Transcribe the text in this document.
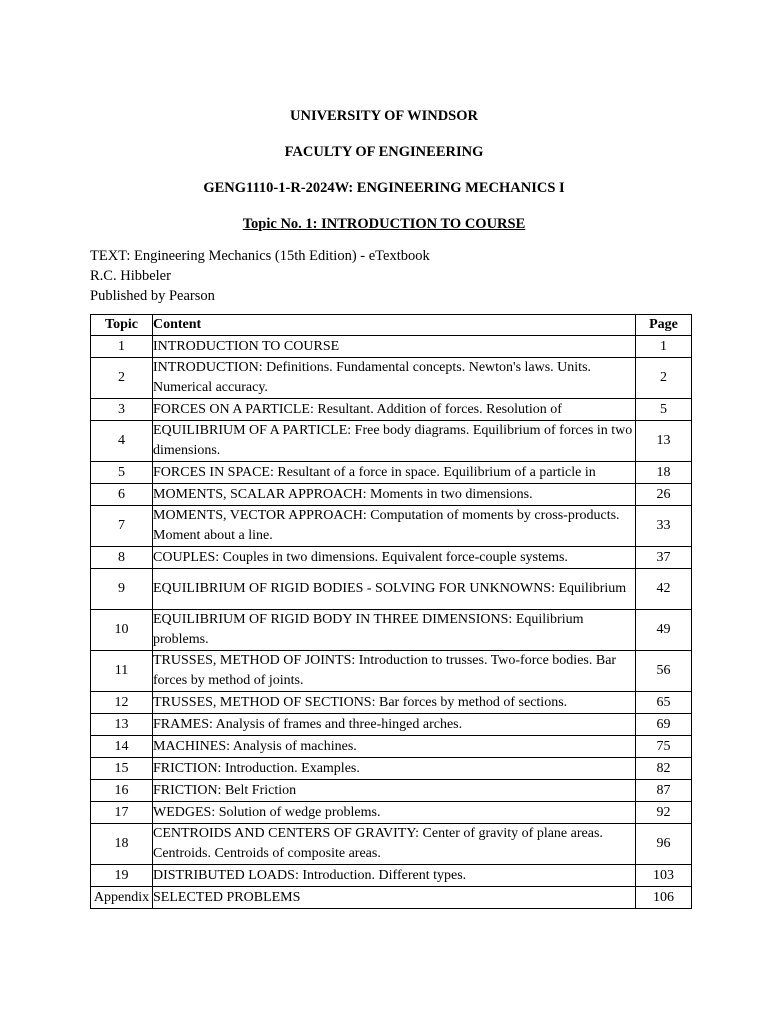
UNIVERSITY OF WINDSOR

FACULTY OF ENGINEERING

GENG1110-1-R-2024W: ENGINEERING MECHANICS I

Topic No. 1: INTRODUCTION TO COURSE

TEXT: Engineering Mechanics (15th Edition) - eTextbook

R.C. Hibbeler

Published by Pearson

Topic	Content	Page
1	INTRODUCTION TO COURSE	1
2	INTRODUCTION: Definitions. Fundamental concepts. Newton's laws. Units. Numerical accuracy.	2
3	FORCES ON A PARTICLE: Resultant. Addition of forces. Resolution of	5
4	EQUILIBRIUM OF A PARTICLE: Free body diagrams. Equilibrium of forces in two dimensions.	13
5	FORCES IN SPACE: Resultant of a force in space. Equilibrium of a particle in	18
6	MOMENTS, SCALAR APPROACH: Moments in two dimensions.	26
7	MOMENTS, VECTOR APPROACH: Computation of moments by cross-products. Moment about a line.	33
8	COUPLES: Couples in two dimensions. Equivalent force-couple systems.	37
9	EQUILIBRIUM OF RIGID BODIES - SOLVING FOR UNKNOWNS: Equilibrium	42
10	EQUILIBRIUM OF RIGID BODY IN THREE DIMENSIONS: Equilibrium problems.	49
11	TRUSSES, METHOD OF JOINTS: Introduction to trusses. Two-force bodies. Bar forces by method of joints.	56
12	TRUSSES, METHOD OF SECTIONS: Bar forces by method of sections.	65
13	FRAMES: Analysis of frames and three-hinged arches.	69
14	MACHINES: Analysis of machines.	75
15	FRICTION: Introduction. Examples.	82
16	FRICTION: Belt Friction	87
17	WEDGES: Solution of wedge problems.	92
18	CENTROIDS AND CENTERS OF GRAVITY: Center of gravity of plane areas. Centroids. Centroids of composite areas.	96
19	DISTRIBUTED LOADS: Introduction. Different types.	103
Appendix	SELECTED PROBLEMS	106
